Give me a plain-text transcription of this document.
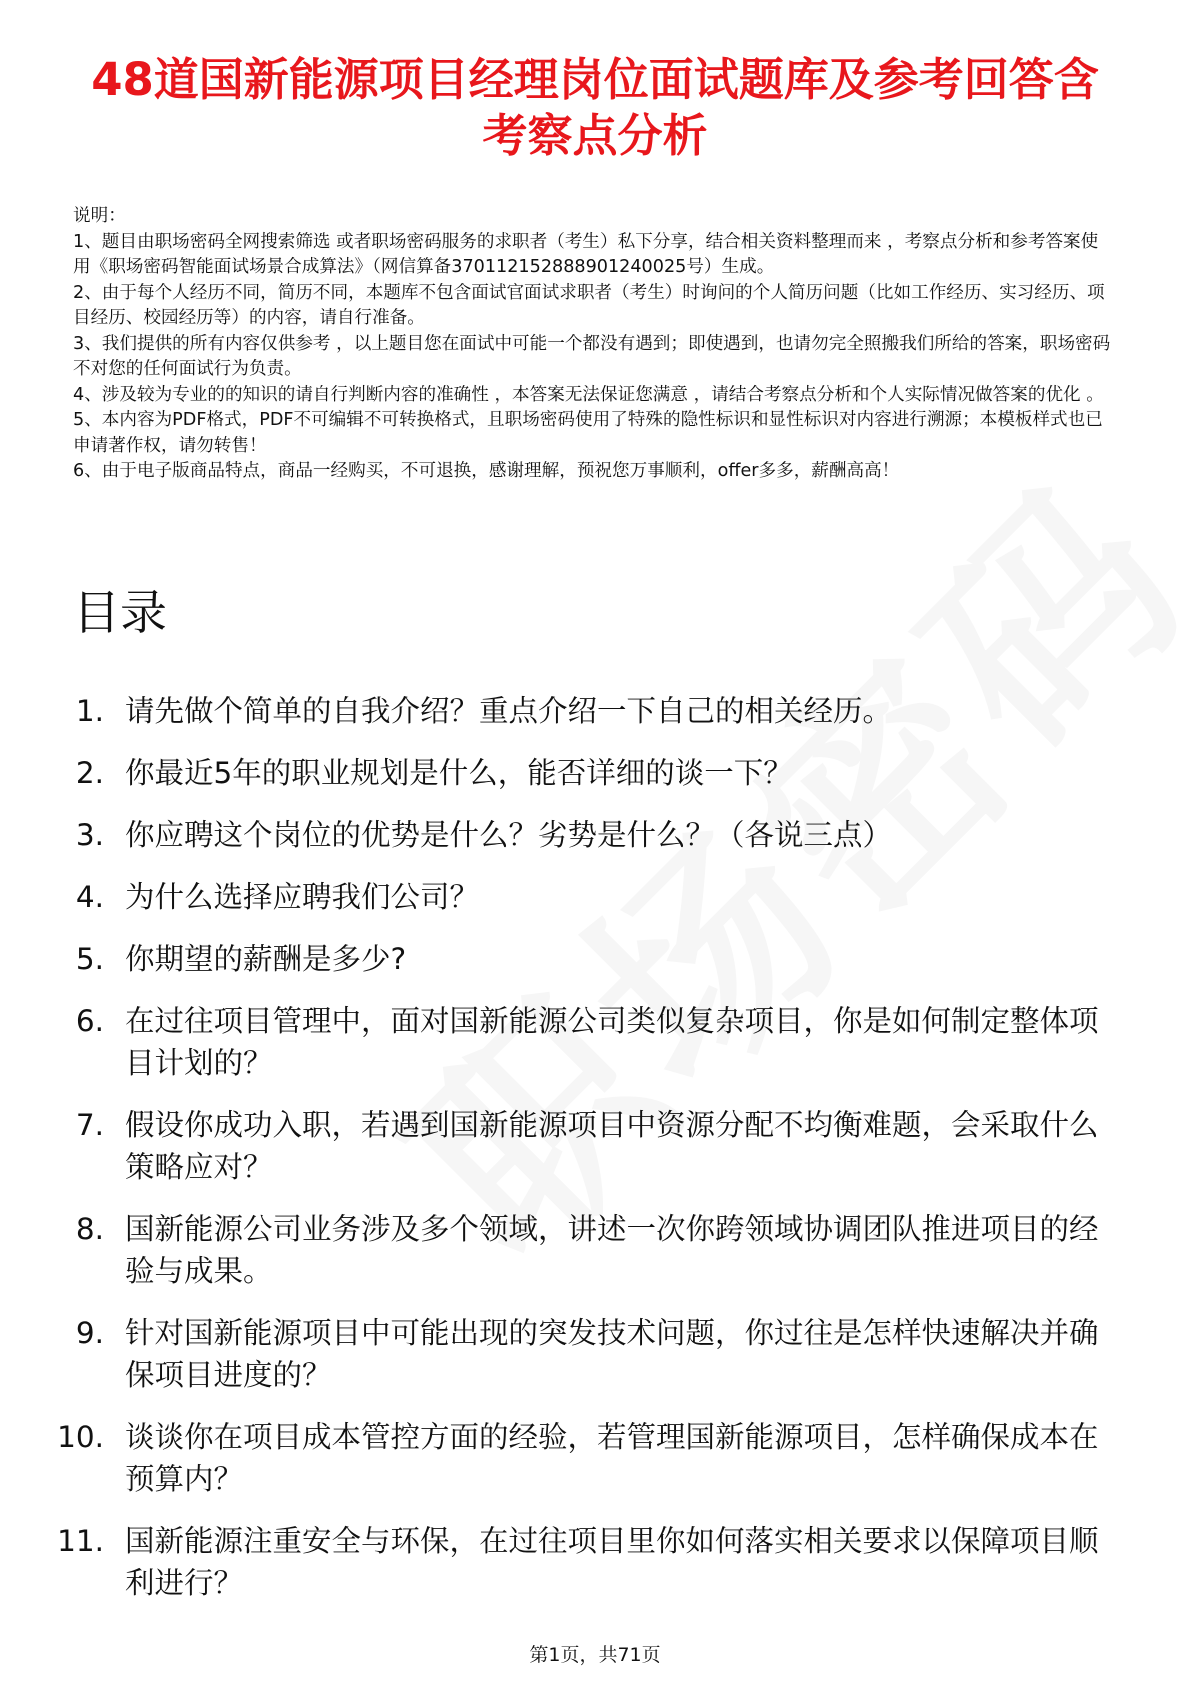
48道国新能源项目经理岗位面试题库及参考回答含考察点分析

说明：

1、题目由职场密码全网搜索筛选 或者职场密码服务的求职者（考生）私下分享，结合相关资料整理而来 ，考察点分析和参考答案使用《职场密码智能面试场景合成算法》（网信算备370112152888901240025号）生成。

2、由于每个人经历不同，简历不同，本题库不包含面试官面试求职者（考生）时询问的个人简历问题（比如工作经历、实习经历、项目经历、校园经历等）的内容，请自行准备。

3、我们提供的所有内容仅供参考 ，以上题目您在面试中可能一个都没有遇到；即使遇到，也请勿完全照搬我们所给的答案，职场密码不对您的任何面试行为负责。

4、涉及较为专业的的知识的请自行判断内容的准确性 ，本答案无法保证您满意 ，请结合考察点分析和个人实际情况做答案的优化 。

5、本内容为PDF格式，PDF不可编辑不可转换格式，且职场密码使用了特殊的隐性标识和显性标识对内容进行溯源；本模板样式也已申请著作权，请勿转售！

6、由于电子版商品特点，商品一经购买，不可退换，感谢理解，预祝您万事顺利，offer多多，薪酬高高！

目录
1. 请先做个简单的自我介绍？重点介绍一下自己的相关经历。
2. 你最近5年的职业规划是什么，能否详细的谈一下？
3. 你应聘这个岗位的优势是什么？劣势是什么？（各说三点）
4. 为什么选择应聘我们公司？
5. 你期望的薪酬是多少?
6. 在过往项目管理中，面对国新能源公司类似复杂项目，你是如何制定整体项目计划的？
7. 假设你成功入职，若遇到国新能源项目中资源分配不均衡难题，会采取什么策略应对？
8. 国新能源公司业务涉及多个领域，讲述一次你跨领域协调团队推进项目的经验与成果。
9. 针对国新能源项目中可能出现的突发技术问题，你过往是怎样快速解决并确保项目进度的？
10. 谈谈你在项目成本管控方面的经验，若管理国新能源项目，怎样确保成本在预算内？
11. 国新能源注重安全与环保，在过往项目里你如何落实相关要求以保障项目顺利进行？
第1页，共71页
